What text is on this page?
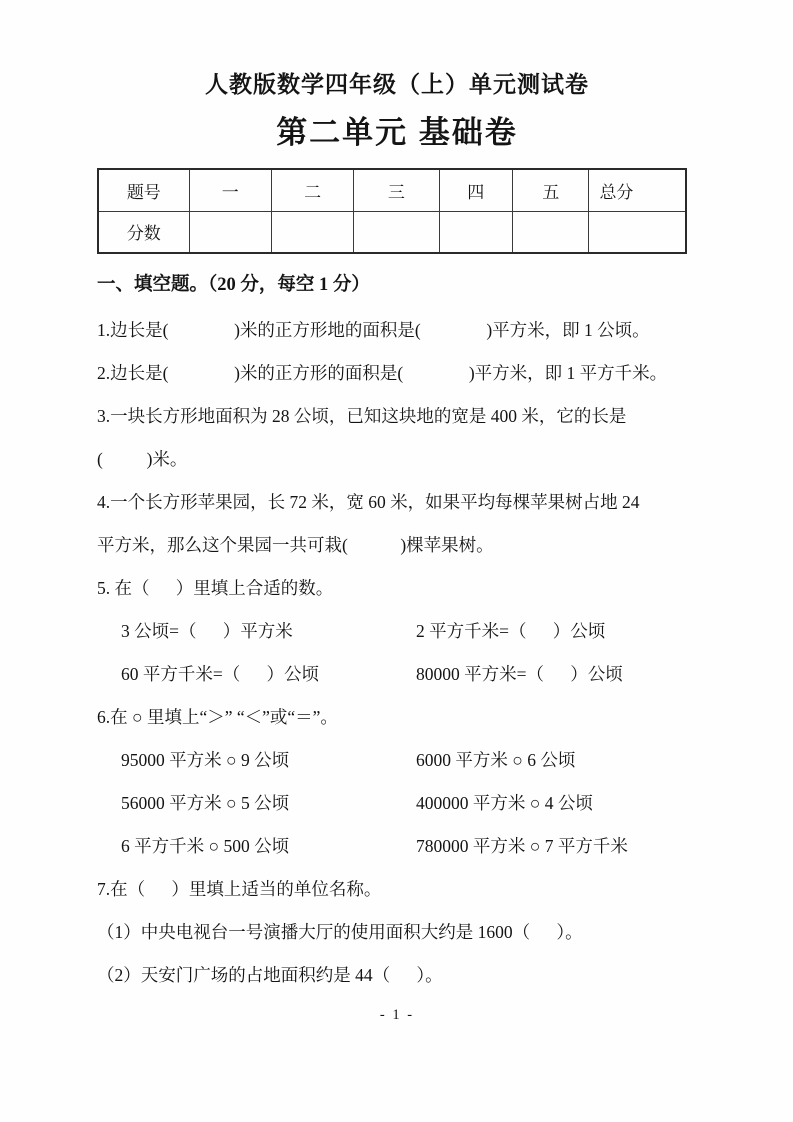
人教版数学四年级（上）单元测试卷
第二单元 基础卷
题号	一	二	三	四	五	总分
分数						
一、填空题。（20 分，每空 1 分）
1.边长是(               )米的正方形地的面积是(               )平方米，即 1 公顷。
2.边长是(               )米的正方形的面积是(               )平方米，即 1 平方千米。
3.一块长方形地面积为 28 公顷，已知这块地的宽是 400 米，它的长是
(          )米。
4.一个长方形苹果园，长 72 米，宽 60 米，如果平均每棵苹果树占地 24
平方米，那么这个果园一共可栽(            )棵苹果树。
5. 在（      ）里填上合适的数。
3 公顷=（      ）平方米	2 平方千米=（      ）公顷
60 平方千米=（      ）公顷	80000 平方米=（      ）公顷
6.在 ○ 里填上“＞” “＜”或“＝”。
95000 平方米 ○ 9 公顷	6000 平方米 ○ 6 公顷
56000 平方米 ○ 5 公顷	400000 平方米 ○ 4 公顷
6 平方千米 ○ 500 公顷	780000 平方米 ○ 7 平方千米
7.在（      ）里填上适当的单位名称。
（1）中央电视台一号演播大厅的使用面积大约是 1600（      ）。
（2）天安门广场的占地面积约是 44（      ）。
- 1 -
